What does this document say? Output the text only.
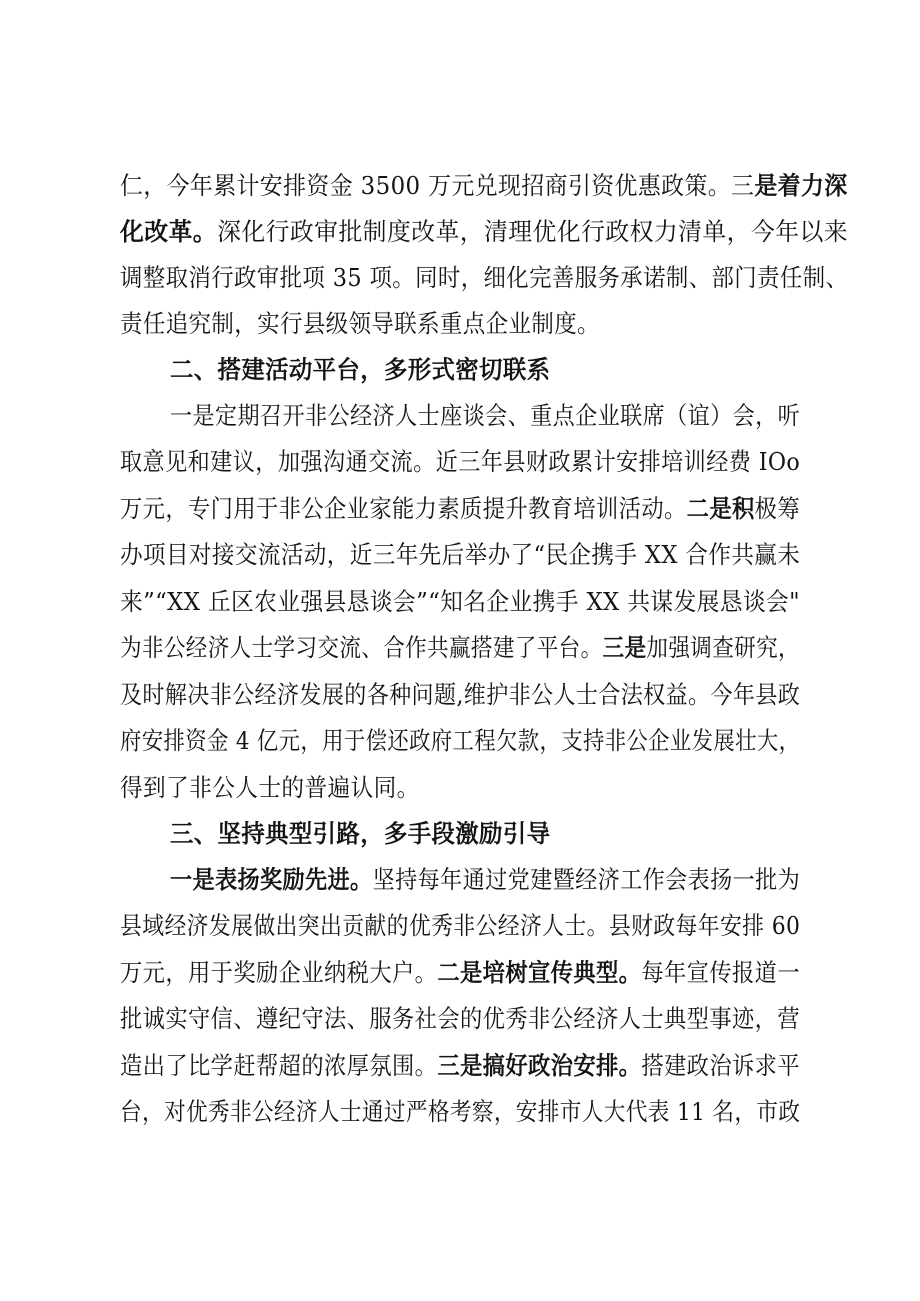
仁，今年累计安排资金 3500 万元兑现招商引资优惠政策。三是着力深
化改革。深化行政审批制度改革，清理优化行政权力清单，今年以来
调整取消行政审批项 35 项。同时，细化完善服务承诺制、部门责任制、
责任追究制，实行县级领导联系重点企业制度。
二、搭建活动平台，多形式密切联系
一是定期召开非公经济人士座谈会、重点企业联席（谊）会，听
取意见和建议，加强沟通交流。近三年县财政累计安排培训经费 IOo
万元，专门用于非公企业家能力素质提升教育培训活动。二是积极筹
办项目对接交流活动，近三年先后举办了“民企携手 XX 合作共赢未
来”“XX 丘区农业强县恳谈会”“知名企业携手 XX 共谋发展恳谈会"
为非公经济人士学习交流、合作共赢搭建了平台。三是加强调查研究，
及时解决非公经济发展的各种问题,维护非公人士合法权益。今年县政
府安排资金 4 亿元，用于偿还政府工程欠款，支持非公企业发展壮大，
得到了非公人士的普遍认同。
三、坚持典型引路，多手段激励引导
一是表扬奖励先进。坚持每年通过党建暨经济工作会表扬一批为
县域经济发展做出突出贡献的优秀非公经济人士。县财政每年安排 60
万元，用于奖励企业纳税大户。二是培树宣传典型。每年宣传报道一
批诚实守信、遵纪守法、服务社会的优秀非公经济人士典型事迹，营
造出了比学赶帮超的浓厚氛围。三是搞好政治安排。搭建政治诉求平
台，对优秀非公经济人士通过严格考察，安排市人大代表 11 名，市政
